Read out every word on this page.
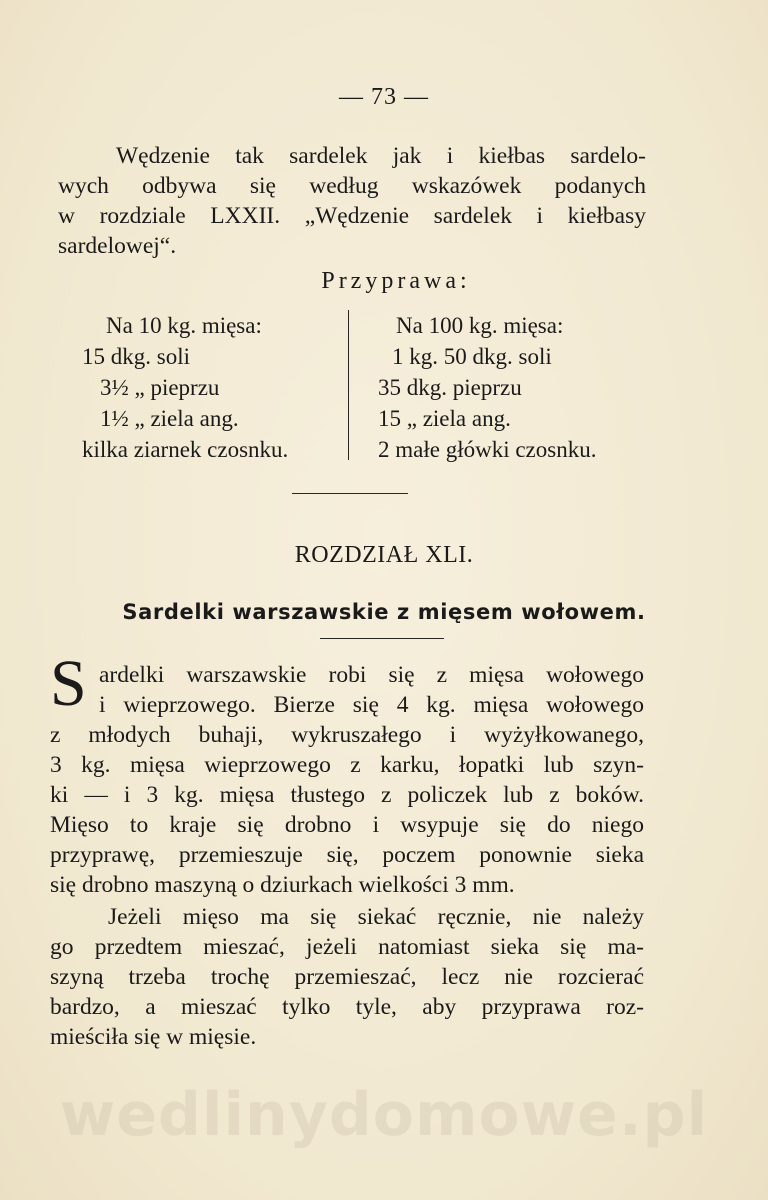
— 73 —
Wędzenie tak sardelek jak i kiełbas sardelo-
wych odbywa się według wskazówek podanych
w rozdziale LXXII. „Wędzenie sardelek i kiełbasy
sardelowej“.
Przyprawa:
Na 10 kg. mięsa:
15 dkg. soli
3½ „ pieprzu
1½ „ ziela ang.
kilka ziarnek czosnku.
Na 100 kg. mięsa:
1 kg. 50 dkg. soli
35 dkg. pieprzu
15 „ ziela ang.
2 małe główki czosnku.
ROZDZIAŁ XLI.
Sardelki warszawskie z mięsem wołowem.
S ardelki warszawskie robi się z mięsa wołowego
i wieprzowego. Bierze się 4 kg. mięsa wołowego
z młodych buhaji, wykruszałego i wyżyłkowanego,
3 kg. mięsa wieprzowego z karku, łopatki lub szyn-
ki — i 3 kg. mięsa tłustego z policzek lub z boków.
Mięso to kraje się drobno i wsypuje się do niego
przyprawę, przemieszuje się, poczem ponownie sieka
się drobno maszyną o dziurkach wielkości 3 mm.
Jeżeli mięso ma się siekać ręcznie, nie należy
go przedtem mieszać, jeżeli natomiast sieka się ma-
szyną trzeba trochę przemieszać, lecz nie rozcierać
bardzo, a mieszać tylko tyle, aby przyprawa roz-
mieściła się w mięsie.
wedlinydomowe.pl
